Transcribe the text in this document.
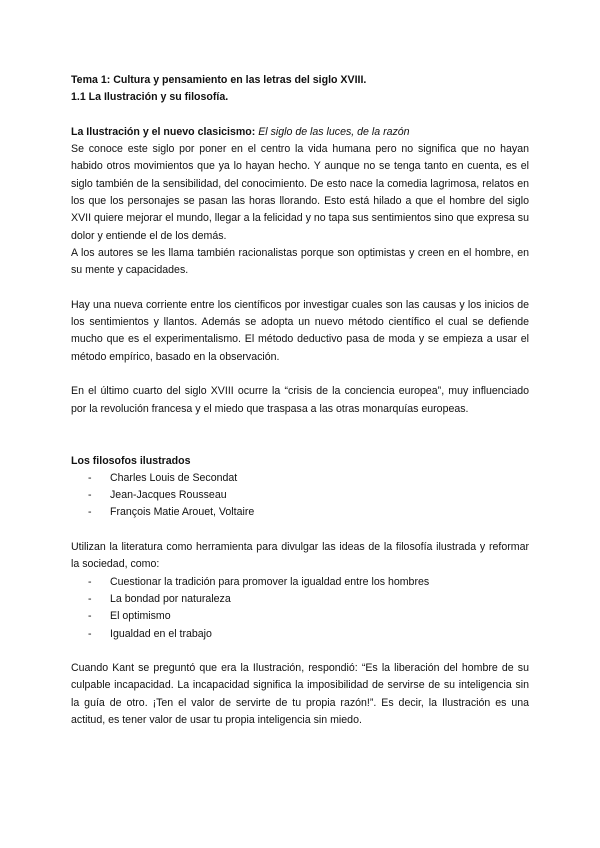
Tema 1: Cultura y pensamiento en las letras del siglo XVIII.
1.1 La Ilustración y su filosofía.
La Ilustración y el nuevo clasicismo: El siglo de las luces, de la razón

Se conoce este siglo por poner en el centro la vida humana pero no significa que no hayan habido otros movimientos que ya lo hayan hecho. Y aunque no se tenga tanto en cuenta, es el siglo también de la sensibilidad, del conocimiento. De esto nace la comedia lagrimosa, relatos en los que los personajes se pasan las horas llorando. Esto está hilado a que el hombre del siglo XVII quiere mejorar el mundo, llegar a la felicidad y no tapa sus sentimientos sino que expresa su dolor y entiende el de los demás.

A los autores se les llama también racionalistas porque son optimistas y creen en el hombre, en su mente y capacidades.

Hay una nueva corriente entre los científicos por investigar cuales son las causas y los inicios de los sentimientos y llantos. Además se adopta un nuevo método científico el cual se defiende mucho que es el experimentalismo. El método deductivo pasa de moda y se empieza a usar el método empírico, basado en la observación.

En el último cuarto del siglo XVIII ocurre la “crisis de la conciencia europea”, muy influenciado por la revolución francesa y el miedo que traspasa a las otras monarquías europeas.

Los filosofos ilustrados
- Charles Louis de Secondat
- Jean-Jacques Rousseau
- François Matie Arouet, Voltaire

Utilizan la literatura como herramienta para divulgar las ideas de la filosofía ilustrada y reformar la sociedad, como:

- Cuestionar la tradición para promover la igualdad entre los hombres
- La bondad por naturaleza
- El optimismo
- Igualdad en el trabajo

Cuando Kant se preguntó que era la Ilustración, respondió: “Es la liberación del hombre de su culpable incapacidad. La incapacidad significa la imposibilidad de servirse de su inteligencia sin la guía de otro. ¡Ten el valor de servirte de tu propia razón!”. Es decir, la Ilustración es una actitud, es tener valor de usar tu propia inteligencia sin miedo.
